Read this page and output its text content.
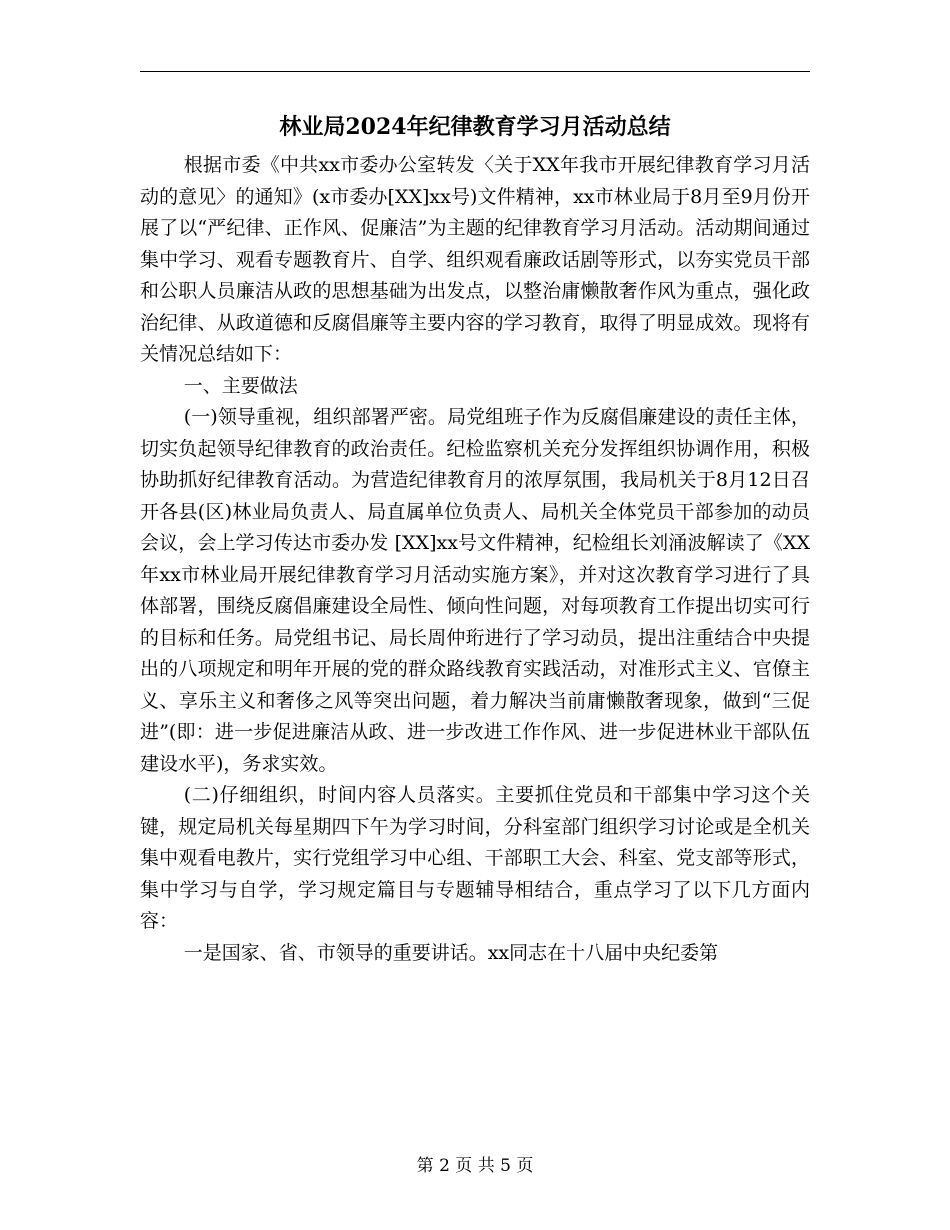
林业局2024年纪律教育学习月活动总结

根据市委《中共xx市委办公室转发〈关于XX年我市开展纪律教育学习月活动的意见〉的通知》(x市委办[XX]xx号)文件精神，xx市林业局于8月至9月份开展了以“严纪律、正作风、促廉洁”为主题的纪律教育学习月活动。活动期间通过集中学习、观看专题教育片、自学、组织观看廉政话剧等形式，以夯实党员干部和公职人员廉洁从政的思想基础为出发点，以整治庸懒散奢作风为重点，强化政治纪律、从政道德和反腐倡廉等主要内容的学习教育，取得了明显成效。现将有关情况总结如下：

一、主要做法

(一)领导重视，组织部署严密。局党组班子作为反腐倡廉建设的责任主体，切实负起领导纪律教育的政治责任。纪检监察机关充分发挥组织协调作用，积极协助抓好纪律教育活动。为营造纪律教育月的浓厚氛围，我局机关于8月12日召开各县(区)林业局负责人、局直属单位负责人、局机关全体党员干部参加的动员会议，会上学习传达市委办发 [XX]xx号文件精神，纪检组长刘涌波解读了《XX年xx市林业局开展纪律教育学习月活动实施方案》，并对这次教育学习进行了具体部署，围绕反腐倡廉建设全局性、倾向性问题，对每项教育工作提出切实可行的目标和任务。局党组书记、局长周仲珩进行了学习动员，提出注重结合中央提出的八项规定和明年开展的党的群众路线教育实践活动，对准形式主义、官僚主义、享乐主义和奢侈之风等突出问题，着力解决当前庸懒散奢现象，做到“三促进”(即：进一步促进廉洁从政、进一步改进工作作风、进一步促进林业干部队伍建设水平)，务求实效。

(二)仔细组织，时间内容人员落实。主要抓住党员和干部集中学习这个关键，规定局机关每星期四下午为学习时间，分科室部门组织学习讨论或是全机关集中观看电教片，实行党组学习中心组、干部职工大会、科室、党支部等形式，集中学习与自学，学习规定篇目与专题辅导相结合，重点学习了以下几方面内容：

一是国家、省、市领导的重要讲话。xx同志在十八届中央纪委第

第 2 页 共 5 页
